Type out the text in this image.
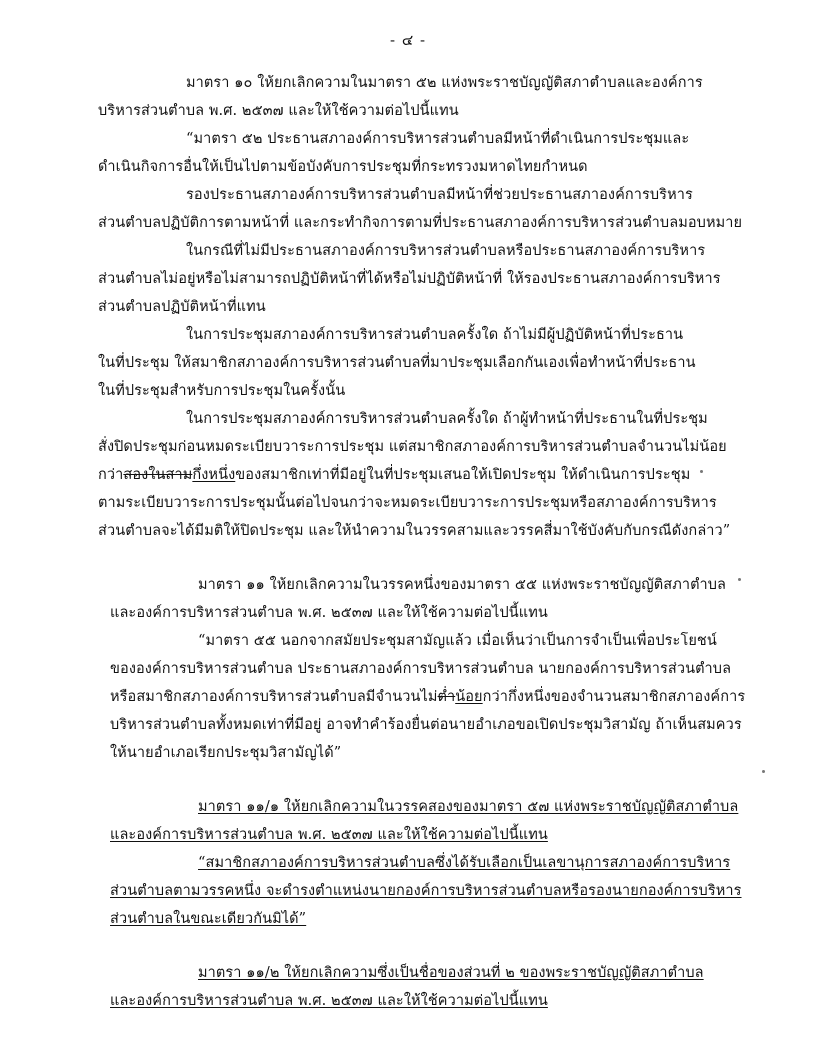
- ๔ -
มาตรา ๑๐ ให้ยกเลิกความในมาตรา ๕๒ แห่งพระราชบัญญัติสภาตำบลและองค์การ
บริหารส่วนตำบล พ.ศ. ๒๕๓๗ และให้ใช้ความต่อไปนี้แทน
“มาตรา ๕๒ ประธานสภาองค์การบริหารส่วนตำบลมีหน้าที่ดำเนินการประชุมและ
ดำเนินกิจการอื่นให้เป็นไปตามข้อบังคับการประชุมที่กระทรวงมหาดไทยกำหนด
รองประธานสภาองค์การบริหารส่วนตำบลมีหน้าที่ช่วยประธานสภาองค์การบริหาร
ส่วนตำบลปฏิบัติการตามหน้าที่ และกระทำกิจการตามที่ประธานสภาองค์การบริหารส่วนตำบลมอบหมาย
ในกรณีที่ไม่มีประธานสภาองค์การบริหารส่วนตำบลหรือประธานสภาองค์การบริหาร
ส่วนตำบลไม่อยู่หรือไม่สามารถปฏิบัติหน้าที่ได้หรือไม่ปฏิบัติหน้าที่ ให้รองประธานสภาองค์การบริหาร
ส่วนตำบลปฏิบัติหน้าที่แทน
ในการประชุมสภาองค์การบริหารส่วนตำบลครั้งใด ถ้าไม่มีผู้ปฏิบัติหน้าที่ประธาน
ในที่ประชุม ให้สมาชิกสภาองค์การบริหารส่วนตำบลที่มาประชุมเลือกกันเองเพื่อทำหน้าที่ประธาน
ในที่ประชุมสำหรับการประชุมในครั้งนั้น
ในการประชุมสภาองค์การบริหารส่วนตำบลครั้งใด ถ้าผู้ทำหน้าที่ประธานในที่ประชุม
สั่งปิดประชุมก่อนหมดระเบียบวาระการประชุม แต่สมาชิกสภาองค์การบริหารส่วนตำบลจำนวนไม่น้อย
กว่าสองในสามกึ่งหนึ่งของสมาชิกเท่าที่มีอยู่ในที่ประชุมเสนอให้เปิดประชุม ให้ดำเนินการประชุม
ตามระเบียบวาระการประชุมนั้นต่อไปจนกว่าจะหมดระเบียบวาระการประชุมหรือสภาองค์การบริหาร
ส่วนตำบลจะได้มีมติให้ปิดประชุม และให้นำความในวรรคสามและวรรคสี่มาใช้บังคับกับกรณีดังกล่าว”
มาตรา ๑๑ ให้ยกเลิกความในวรรคหนึ่งของมาตรา ๕๕ แห่งพระราชบัญญัติสภาตำบล
และองค์การบริหารส่วนตำบล พ.ศ. ๒๕๓๗ และให้ใช้ความต่อไปนี้แทน
“มาตรา ๕๕ นอกจากสมัยประชุมสามัญแล้ว เมื่อเห็นว่าเป็นการจำเป็นเพื่อประโยชน์
ขององค์การบริหารส่วนตำบล ประธานสภาองค์การบริหารส่วนตำบล นายกองค์การบริหารส่วนตำบล
หรือสมาชิกสภาองค์การบริหารส่วนตำบลมีจำนวนไม่ต่ำน้อยกว่ากึ่งหนึ่งของจำนวนสมาชิกสภาองค์การ
บริหารส่วนตำบลทั้งหมดเท่าที่มีอยู่ อาจทำคำร้องยื่นต่อนายอำเภอขอเปิดประชุมวิสามัญ ถ้าเห็นสมควร
ให้นายอำเภอเรียกประชุมวิสามัญได้”
มาตรา ๑๑/๑ ให้ยกเลิกความในวรรคสองของมาตรา ๕๗ แห่งพระราชบัญญัติสภาตำบล
และองค์การบริหารส่วนตำบล พ.ศ. ๒๕๓๗ และให้ใช้ความต่อไปนี้แทน
“สมาชิกสภาองค์การบริหารส่วนตำบลซึ่งได้รับเลือกเป็นเลขานุการสภาองค์การบริหาร
ส่วนตำบลตามวรรคหนึ่ง จะดำรงตำแหน่งนายกองค์การบริหารส่วนตำบลหรือรองนายกองค์การบริหาร
ส่วนตำบลในขณะเดียวกันมิได้”
มาตรา ๑๑/๒ ให้ยกเลิกความซึ่งเป็นชื่อของส่วนที่ ๒ ของพระราชบัญญัติสภาตำบล
และองค์การบริหารส่วนตำบล พ.ศ. ๒๕๓๗ และให้ใช้ความต่อไปนี้แทน
